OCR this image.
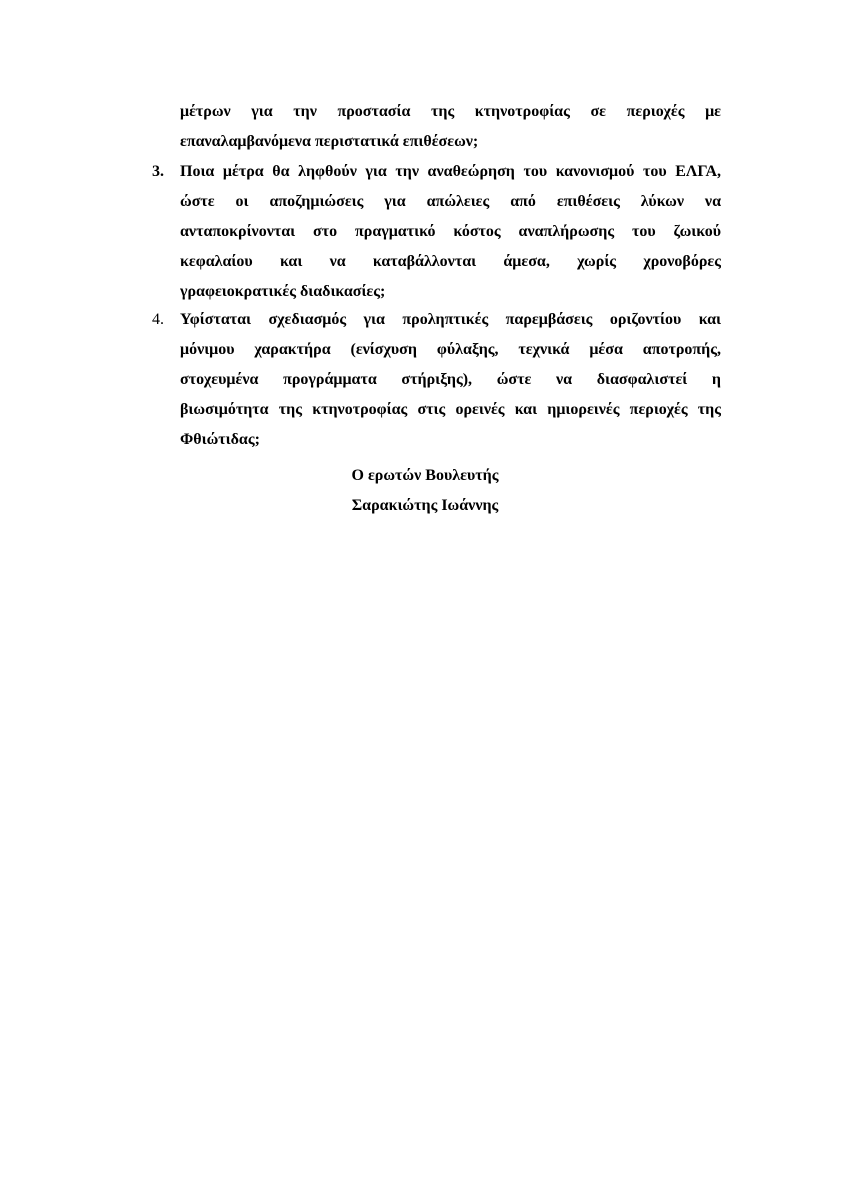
μέτρων για την προστασία της κτηνοτροφίας σε περιοχές με
επαναλαμβανόμενα περιστατικά επιθέσεων;
3. Ποια μέτρα θα ληφθούν για την αναθεώρηση του κανονισμού του ΕΛΓΑ,
ώστε οι αποζημιώσεις για απώλειες από επιθέσεις λύκων να
ανταποκρίνονται στο πραγματικό κόστος αναπλήρωσης του ζωικού
κεφαλαίου και να καταβάλλονται άμεσα, χωρίς χρονοβόρες
γραφειοκρατικές διαδικασίες;
4. Υφίσταται σχεδιασμός για προληπτικές παρεμβάσεις οριζοντίου και
μόνιμου χαρακτήρα (ενίσχυση φύλαξης, τεχνικά μέσα αποτροπής,
στοχευμένα προγράμματα στήριξης), ώστε να διασφαλιστεί η
βιωσιμότητα της κτηνοτροφίας στις ορεινές και ημιορεινές περιοχές της
Φθιώτιδας;
Ο ερωτών Βουλευτής
Σαρακιώτης Ιωάννης
